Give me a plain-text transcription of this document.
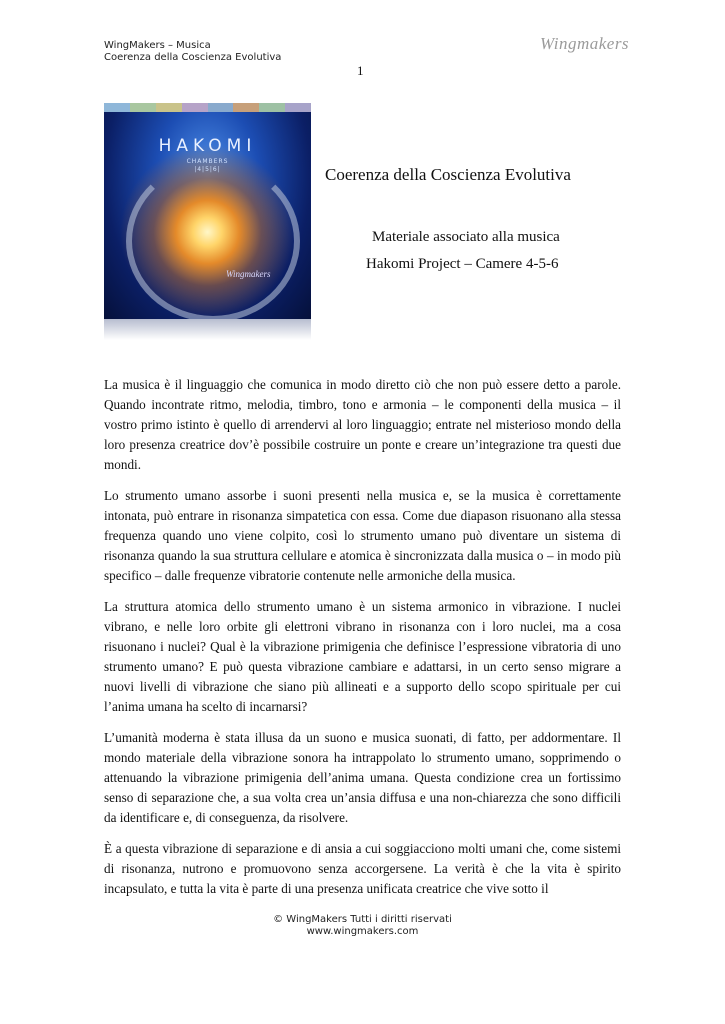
WingMakers – Musica
Coerenza della Coscienza Evolutiva
Wingmakers
1
HAKOMI
CHAMBERS
|4|5|6|
Wingmakers
Coerenza della Coscienza Evolutiva
Materiale associato alla musica
Hakomi Project – Camere 4-5-6

La musica è il linguaggio che comunica in modo diretto ciò che non può essere detto a parole. Quando incontrate ritmo, melodia, timbro, tono e armonia – le componenti della musica – il vostro primo istinto è quello di arrendervi al loro linguaggio; entrate nel misterioso mondo della loro presenza creatrice dov’è possibile costruire un ponte e creare un’integrazione tra questi due mondi.

Lo strumento umano assorbe i suoni presenti nella musica e, se la musica è correttamente intonata, può entrare in risonanza simpatetica con essa. Come due diapason risuonano alla stessa frequenza quando uno viene colpito, così lo strumento umano può diventare un sistema di risonanza quando la sua struttura cellulare e atomica è sincronizzata dalla musica o – in modo più specifico – dalle frequenze vibratorie contenute nelle armoniche della musica.

La struttura atomica dello strumento umano è un sistema armonico in vibrazione. I nuclei vibrano, e nelle loro orbite gli elettroni vibrano in risonanza con i loro nuclei, ma a cosa risuonano i nuclei? Qual è la vibrazione primigenia che definisce l’espressione vibratoria di uno strumento umano? E può questa vibrazione cambiare e adattarsi, in un certo senso migrare a nuovi livelli di vibrazione che siano più allineati e a supporto dello scopo spirituale per cui l’anima umana ha scelto di incarnarsi?

L’umanità moderna è stata illusa da un suono e musica suonati, di fatto, per addormentare. Il mondo materiale della vibrazione sonora ha intrappolato lo strumento umano, sopprimendo o attenuando la vibrazione primigenia dell’anima umana. Questa condizione crea un fortissimo senso di separazione che, a sua volta crea un’ansia diffusa e una non-chiarezza che sono difficili da identificare e, di conseguenza, da risolvere.

È a questa vibrazione di separazione e di ansia a cui soggiacciono molti umani che, come sistemi di risonanza, nutrono e promuovono senza accorgersene. La verità è che la vita è spirito incapsulato, e tutta la vita è parte di una presenza unificata creatrice che vive sotto il

© WingMakers Tutti i diritti riservati
www.wingmakers.com
